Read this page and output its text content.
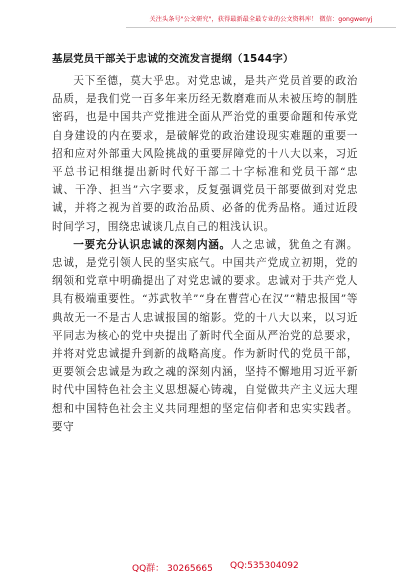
关注头条号"公文研究"，获得最新最全最专业的公文资料库！ 微信：gongwenyj
基层党员干部关于忠诚的交流发言提纲（1544字）

天下至德，莫大乎忠。对党忠诚，是共产党员首要的政治品质，是我们党一百多年来历经无数磨难而从未被压垮的制胜密码，也是中国共产党推进全面从严治党的重要命题和传承党自身建设的内在要求，是破解党的政治建设现实难题的重要一招和应对外部重大风险挑战的重要屏障党的十八大以来，习近平总书记相继提出新时代好干部二十字标准和党员干部“忠诚、干净、担当”六字要求，反复强调党员干部要做到对党忠诚，并将之视为首要的政治品质、必备的优秀品格。通过近段时间学习，围绕忠诚谈几点自己的粗浅认识。

一要充分认识忠诚的深刻内涵。人之忠诚，犹鱼之有渊。忠诚，是党引领人民的坚实底气。中国共产党成立初期，党的纲领和党章中明确提出了对党忠诚的要求。忠诚对于共产党人具有极端重要性。“苏武牧羊”“身在曹营心在汉”“精忠报国”等典故无一不是古人忠诚报国的缩影。党的十八大以来，以习近平同志为核心的党中央提出了新时代全面从严治党的总要求，并将对党忠诚提升到新的战略高度。作为新时代的党员干部，更要领会忠诚是为政之魂的深刻内涵，坚持不懈地用习近平新时代中国特色社会主义思想凝心铸魂，自觉做共产主义远大理想和中国特色社会主义共同理想的坚定信仰者和忠实实践者。要守

QQ群： 30265665 QQ:535304092
